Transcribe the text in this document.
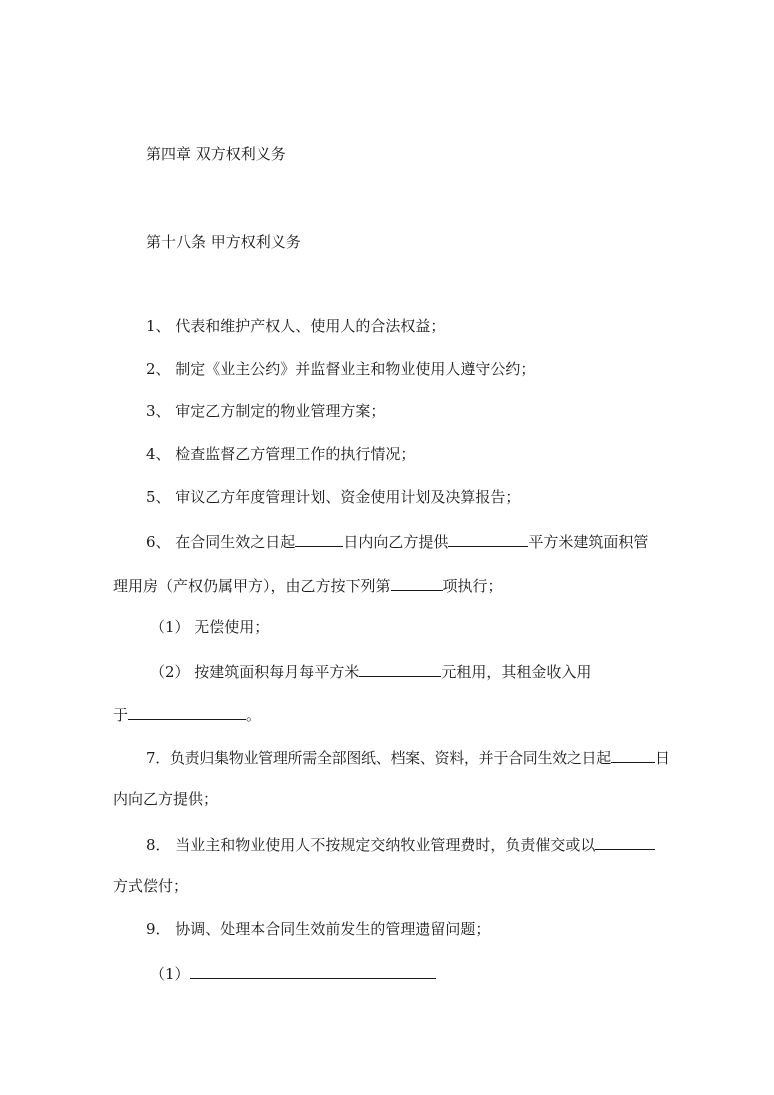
第四章 双方权利义务
第十八条 甲方权利义务
1、 代表和维护产权人、使用人的合法权益；
2、 制定《业主公约》并监督业主和物业使用人遵守公约；
3、 审定乙方制定的物业管理方案；
4、 检查监督乙方管理工作的执行情况；
5、 审议乙方年度管理计划、资金使用计划及决算报告；
6、 在合同生效之日起	日内向乙方提供	平方米建筑面积管
理用房（产权仍属甲方），由乙方按下列第	项执行；
（1） 无偿使用；
（2） 按建筑面积每月每平方米	元租用，其租金收入用
于	。
7．负责归集物业管理所需全部图纸、档案、资料，并于合同生效之日起	日
内向乙方提供；
8． 当业主和物业使用人不按规定交纳牧业管理费时，负责催交或以
方式偿付；
9． 协调、处理本合同生效前发生的管理遗留问题；
（1）
